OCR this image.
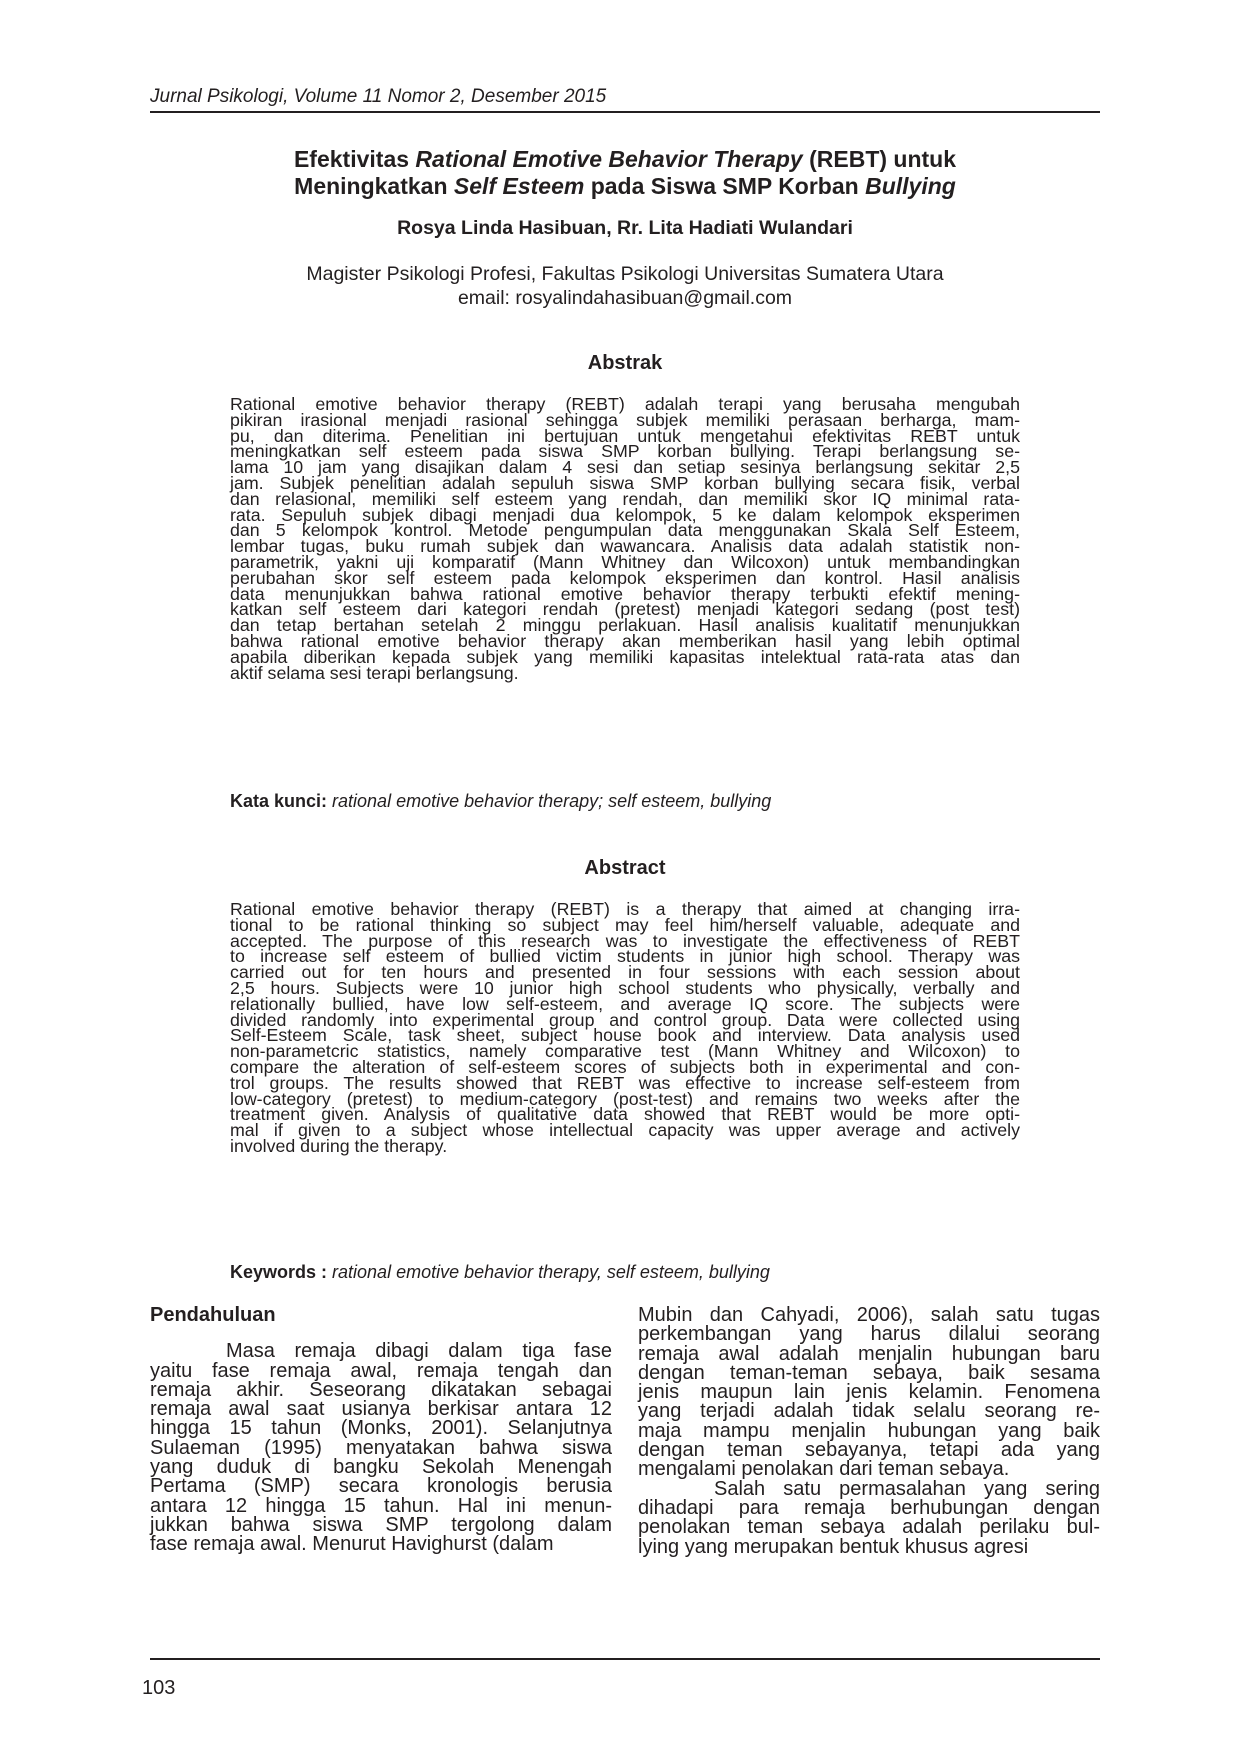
Jurnal Psikologi, Volume 11 Nomor 2, Desember 2015
Efektivitas Rational Emotive Behavior Therapy (REBT) untuk
Meningkatkan Self Esteem pada Siswa SMP Korban Bullying
Rosya Linda Hasibuan, Rr. Lita Hadiati Wulandari
Magister Psikologi Profesi, Fakultas Psikologi Universitas Sumatera Utara
email: rosyalindahasibuan@gmail.com
Abstrak
Rational emotive behavior therapy (REBT) adalah terapi yang berusaha mengubah
pikiran irasional menjadi rasional sehingga subjek memiliki perasaan berharga, mam-
pu, dan diterima. Penelitian ini bertujuan untuk mengetahui efektivitas REBT untuk
meningkatkan self esteem pada siswa SMP korban bullying. Terapi berlangsung se-
lama 10 jam yang disajikan dalam 4 sesi dan setiap sesinya berlangsung sekitar 2,5
jam. Subjek penelitian adalah sepuluh siswa SMP korban bullying secara fisik, verbal
dan relasional, memiliki self esteem yang rendah, dan memiliki skor IQ minimal rata-
rata. Sepuluh subjek dibagi menjadi dua kelompok, 5 ke dalam kelompok eksperimen
dan 5 kelompok kontrol. Metode pengumpulan data menggunakan Skala Self Esteem,
lembar tugas, buku rumah subjek dan wawancara. Analisis data adalah statistik non-
parametrik, yakni uji komparatif (Mann Whitney dan Wilcoxon) untuk membandingkan
perubahan skor self esteem pada kelompok eksperimen dan kontrol. Hasil analisis
data menunjukkan bahwa rational emotive behavior therapy terbukti efektif mening-
katkan self esteem dari kategori rendah (pretest) menjadi kategori sedang (post test)
dan tetap bertahan setelah 2 minggu perlakuan. Hasil analisis kualitatif menunjukkan
bahwa rational emotive behavior therapy akan memberikan hasil yang lebih optimal
apabila diberikan kepada subjek yang memiliki kapasitas intelektual rata-rata atas dan
aktif selama sesi terapi berlangsung.
Kata kunci: rational emotive behavior therapy; self esteem, bullying
Abstract
Rational emotive behavior therapy (REBT) is a therapy that aimed at changing irra-
tional to be rational thinking so subject may feel him/herself valuable, adequate and
accepted. The purpose of this research was to investigate the effectiveness of REBT
to increase self esteem of bullied victim students in junior high school. Therapy was
carried out for ten hours and presented in four sessions with each session about
2,5 hours. Subjects were 10 junior high school students who physically, verbally and
relationally bullied, have low self-esteem, and average IQ score. The subjects were
divided randomly into experimental group and control group. Data were collected using
Self-Esteem Scale, task sheet, subject house book and interview. Data analysis used
non-parametcric statistics, namely comparative test (Mann Whitney and Wilcoxon) to
compare the alteration of self-esteem scores of subjects both in experimental and con-
trol groups. The results showed that REBT was effective to increase self-esteem from
low-category (pretest) to medium-category (post-test) and remains two weeks after the
treatment given. Analysis of qualitative data showed that REBT would be more opti-
mal if given to a subject whose intellectual capacity was upper average and actively
involved during the therapy.
Keywords : rational emotive behavior therapy, self esteem, bullying
Pendahuluan
Masa remaja dibagi dalam tiga fase
yaitu fase remaja awal, remaja tengah dan
remaja akhir. Seseorang dikatakan sebagai
remaja awal saat usianya berkisar antara 12
hingga 15 tahun (Monks, 2001). Selanjutnya
Sulaeman (1995) menyatakan bahwa siswa
yang duduk di bangku Sekolah Menengah
Pertama (SMP) secara kronologis berusia
antara 12 hingga 15 tahun. Hal ini menun-
jukkan bahwa siswa SMP tergolong dalam
fase remaja awal. Menurut Havighurst (dalam
Mubin dan Cahyadi, 2006), salah satu tugas
perkembangan yang harus dilalui seorang
remaja awal adalah menjalin hubungan baru
dengan teman-teman sebaya, baik sesama
jenis maupun lain jenis kelamin. Fenomena
yang terjadi adalah tidak selalu seorang re-
maja mampu menjalin hubungan yang baik
dengan teman sebayanya, tetapi ada yang
mengalami penolakan dari teman sebaya.
Salah satu permasalahan yang sering
dihadapi para remaja berhubungan dengan
penolakan teman sebaya adalah perilaku bul-
lying yang merupakan bentuk khusus agresi
103
